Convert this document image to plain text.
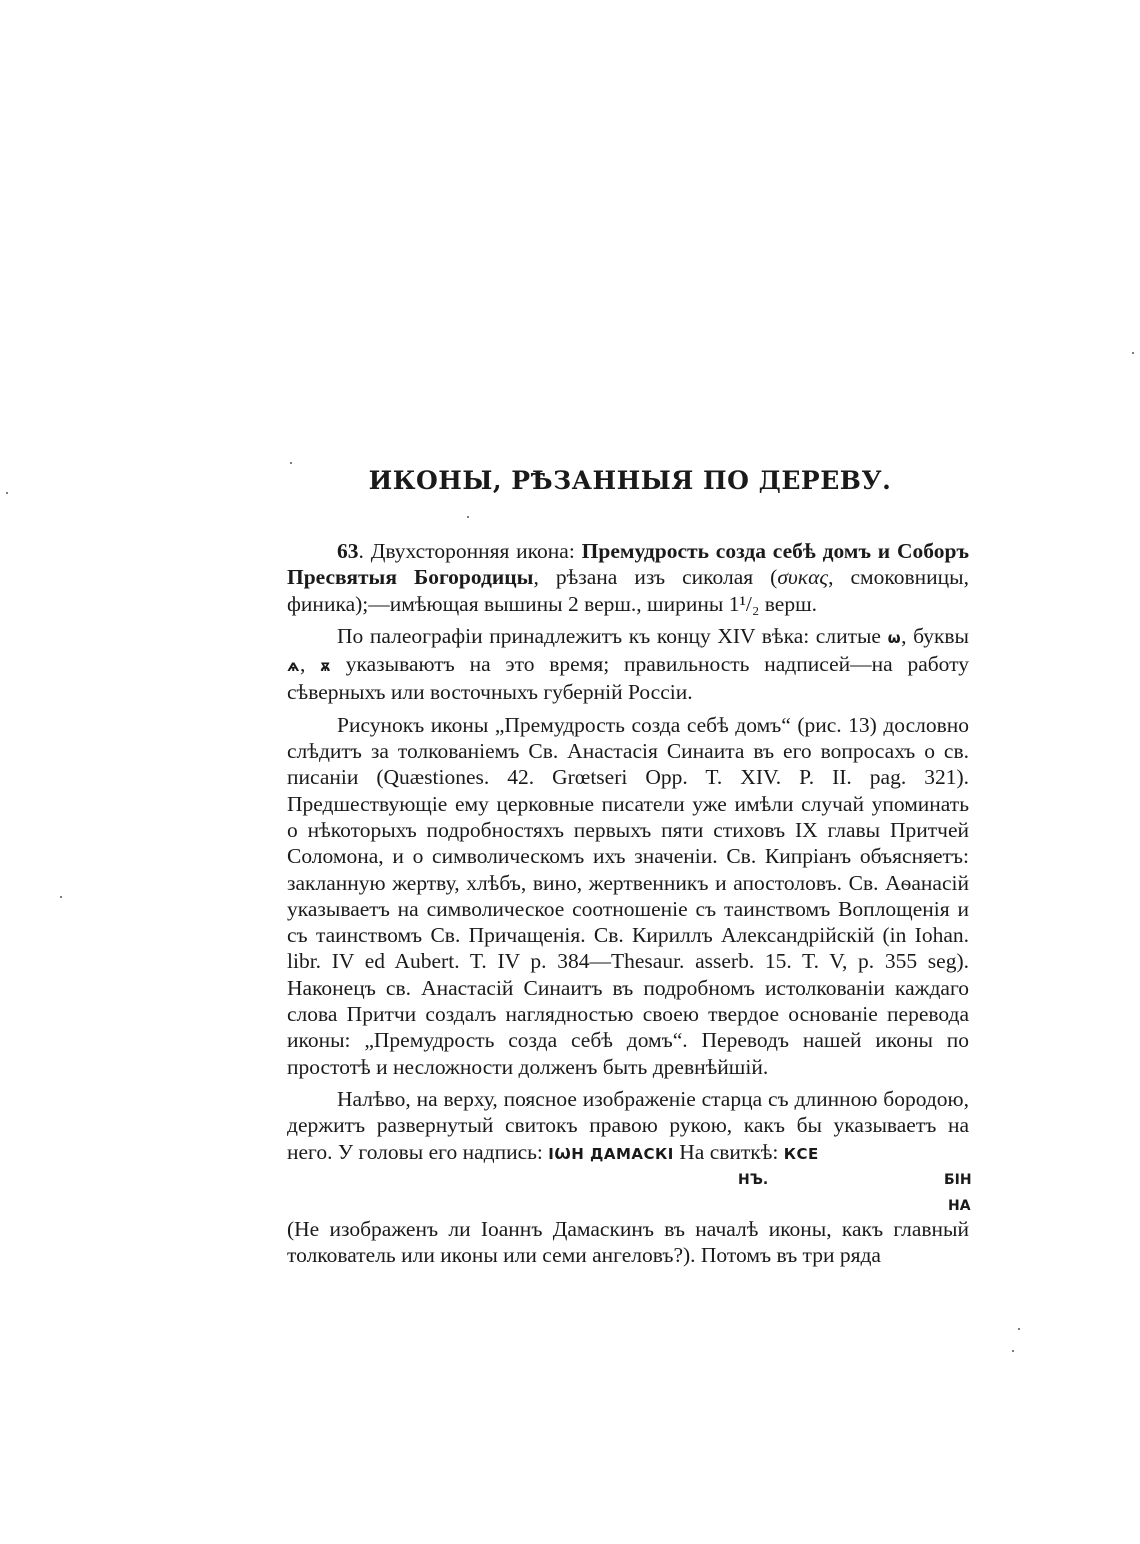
ИКОНЫ, РѢЗАННЫЯ ПО ДЕРЕВУ.

63. Двухсторонняя икона: Премудрость созда себѣ домъ и Соборъ Пресвятыя Богородицы, рѣзана изъ сиколая (συκας, смоковницы, финика);—имѣющая вышины 2 верш., ширины 1¹/₂ верш.

По палеографіи принадлежитъ къ концу XIV вѣка: слитые ѡ, буквы ѧ, ѫ указываютъ на это время; правильность надписей—на работу сѣверныхъ или восточныхъ губерній Россіи.

Рисунокъ иконы „Премудрость созда себѣ домъ“ (рис. 13) дословно слѣдитъ за толкованіемъ Св. Анастасія Синаита въ его вопросахъ о св. писаніи (Quæstiones. 42. Grœtseri Opp. T. XIV. P. II. pag. 321). Предшествующіе ему церковные писатели уже имѣли случай упоминать о нѣкоторыхъ подробностяхъ первыхъ пяти стиховъ IX главы Притчей Соломона, и о символическомъ ихъ значеніи. Св. Кипріанъ объясняетъ: закланную жертву, хлѣбъ, вино, жертвенникъ и апостоловъ. Св. Аѳанасій указываетъ на символическое соотношеніе съ таинствомъ Воплощенія и съ таинствомъ Св. Причащенія. Св. Кириллъ Александрійскій (in Iohan. libr. IV ed Aubert. T. IV p. 384—Thesaur. asserb. 15. T. V, p. 355 seg). Наконецъ св. Анастасій Синаитъ въ подробномъ истолкованіи каждаго слова Притчи создалъ наглядностью своею твердое основаніе перевода иконы: „Премудрость созда себѣ домъ“. Переводъ нашей иконы по простотѣ и несложности долженъ быть древнѣйшій.

Налѣво, на верху, поясное изображеніе старца съ длинною бородою, держитъ развернутый свитокъ правою рукою, какъ бы указываетъ на него. У головы его надпись: ІѠН ДАМАСКІ На свиткѣ: КСЕ

НЪ.	БІН
НА

(Не изображенъ ли Іоаннъ Дамаскинъ въ началѣ иконы, какъ главный толкователь или иконы или семи ангеловъ?). Потомъ въ три ряда
